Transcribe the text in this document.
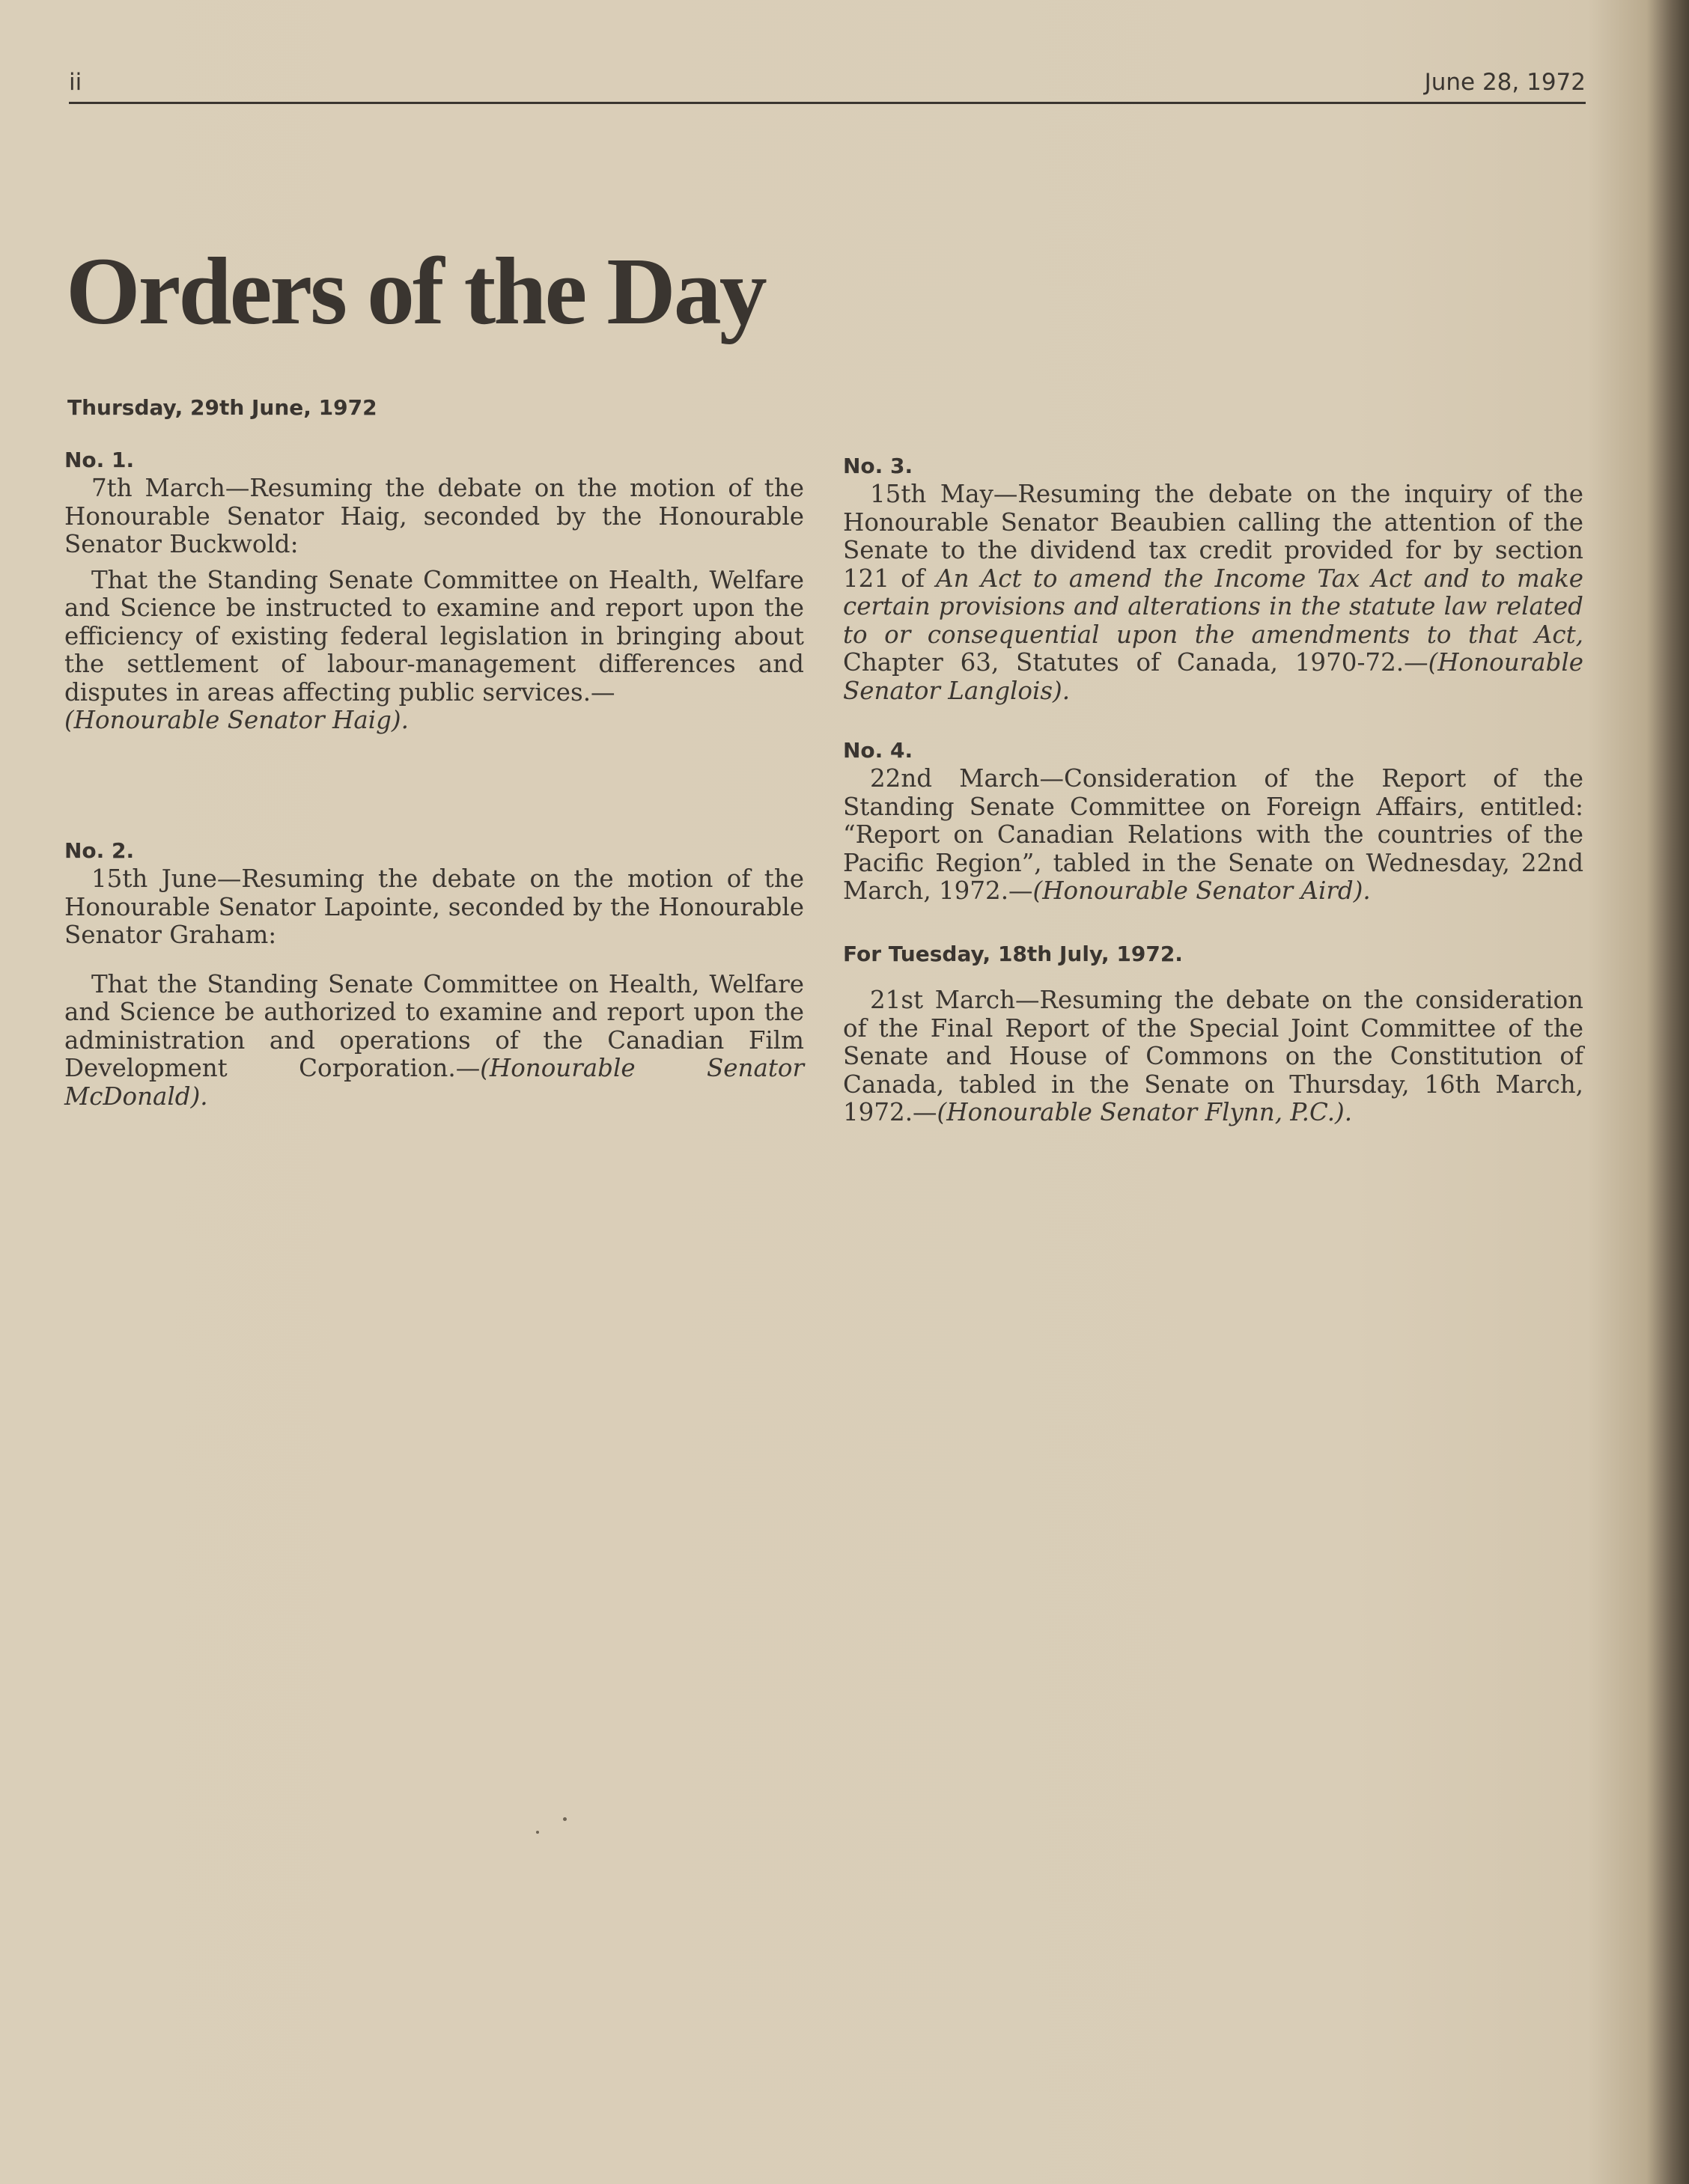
ii	June 28, 1972
Orders of the Day
Thursday, 29th June, 1972
No. 1.

7th March—Resuming the debate on the motion of the Honourable Senator Haig, seconded by the Honourable Senator Buckwold:

That the Standing Senate Committee on Health, Welfare and Science be instructed to examine and report upon the efficiency of existing federal legislation in bringing about the settlement of labour-management differences and disputes in areas affecting public services.—
(Honourable Senator Haig).

No. 2.

15th June—Resuming the debate on the motion of the Honourable Senator Lapointe, seconded by the Honourable Senator Graham:

That the Standing Senate Committee on Health, Welfare and Science be authorized to examine and report upon the administration and operations of the Canadian Film Development Corporation.—(Honourable Senator McDonald).

No. 3.

15th May—Resuming the debate on the inquiry of the Honourable Senator Beaubien calling the attention of the Senate to the dividend tax credit provided for by section 121 of An Act to amend the Income Tax Act and to make certain provisions and alterations in the statute law related to or consequential upon the amendments to that Act, Chapter 63, Statutes of Canada, 1970-72.—(Honourable Senator Langlois).

No. 4.

22nd March—Consideration of the Report of the Standing Senate Committee on Foreign Affairs, entitled: “Report on Canadian Relations with the countries of the Pacific Region”, tabled in the Senate on Wednesday, 22nd March, 1972.—(Honourable Senator Aird).

For Tuesday, 18th July, 1972.

21st March—Resuming the debate on the consideration of the Final Report of the Special Joint Committee of the Senate and House of Commons on the Constitution of Canada, tabled in the Senate on Thursday, 16th March, 1972.—(Honourable Senator Flynn, P.C.).
